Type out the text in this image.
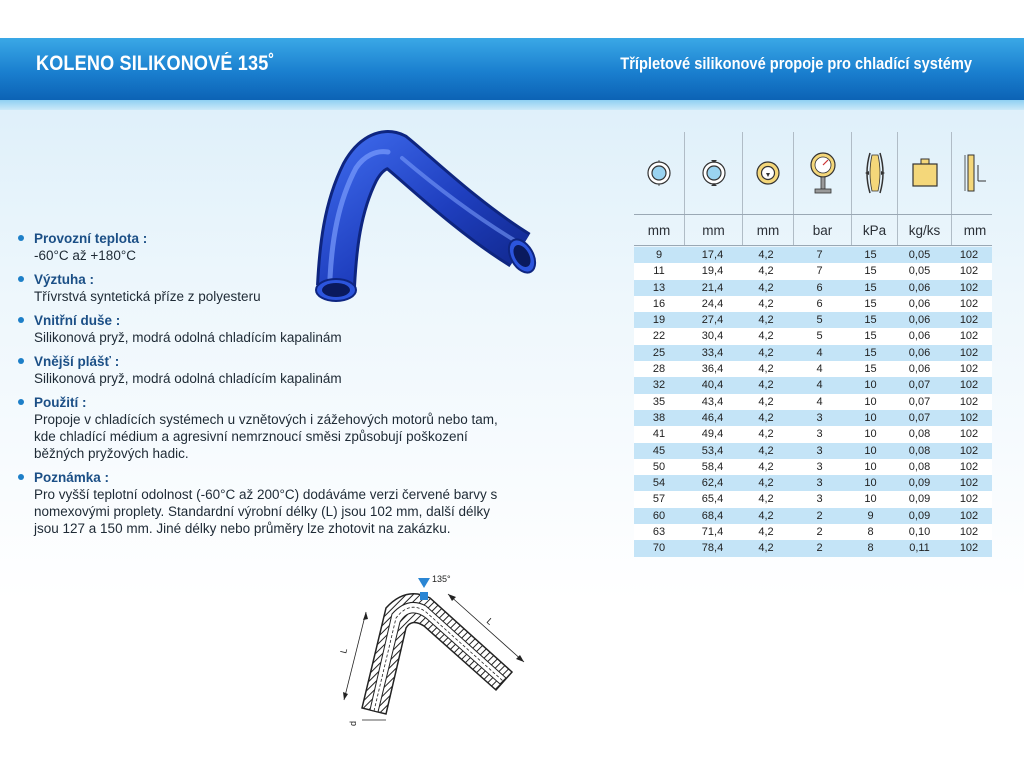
KOLENO SILIKONOVÉ 135˚	Třípletové silikonové propoje pro chladící systémy
Provozní teplota :
-60°C až +180°C
Výztuha :
Třívrstvá syntetická příze z polyesteru
Vnitřní duše :
Silikonová pryž, modrá odolná chladícím kapalinám
Vnější plášť :
Silikonová pryž, modrá odolná chladícím kapalinám
Použití :
Propoje v chladících systémech u vznětových i zážehových motorů nebo tam,
kde chladící médium a agresivní nemrznoucí směsi způsobují poškození
běžných pryžových hadic.
Poznámka :
Pro vyšší teplotní odolnost (-60°C až 200°C) dodáváme verzi červené barvy s
nomexovými proplety. Standardní výrobní délky (L) jsou 102 mm, další délky
jsou 127 a 150 mm. Jiné délky nebo průměry lze zhotovit na zakázku.
135°
L
L
d
mm	mm	mm	bar	kPa	kg/ks	mm
9	17,4	4,2	7	15	0,05	102
11	19,4	4,2	7	15	0,05	102
13	21,4	4,2	6	15	0,06	102
16	24,4	4,2	6	15	0,06	102
19	27,4	4,2	5	15	0,06	102
22	30,4	4,2	5	15	0,06	102
25	33,4	4,2	4	15	0,06	102
28	36,4	4,2	4	15	0,06	102
32	40,4	4,2	4	10	0,07	102
35	43,4	4,2	4	10	0,07	102
38	46,4	4,2	3	10	0,07	102
41	49,4	4,2	3	10	0,08	102
45	53,4	4,2	3	10	0,08	102
50	58,4	4,2	3	10	0,08	102
54	62,4	4,2	3	10	0,09	102
57	65,4	4,2	3	10	0,09	102
60	68,4	4,2	2	9	0,09	102
63	71,4	4,2	2	8	0,10	102
70	78,4	4,2	2	8	0,11	102
